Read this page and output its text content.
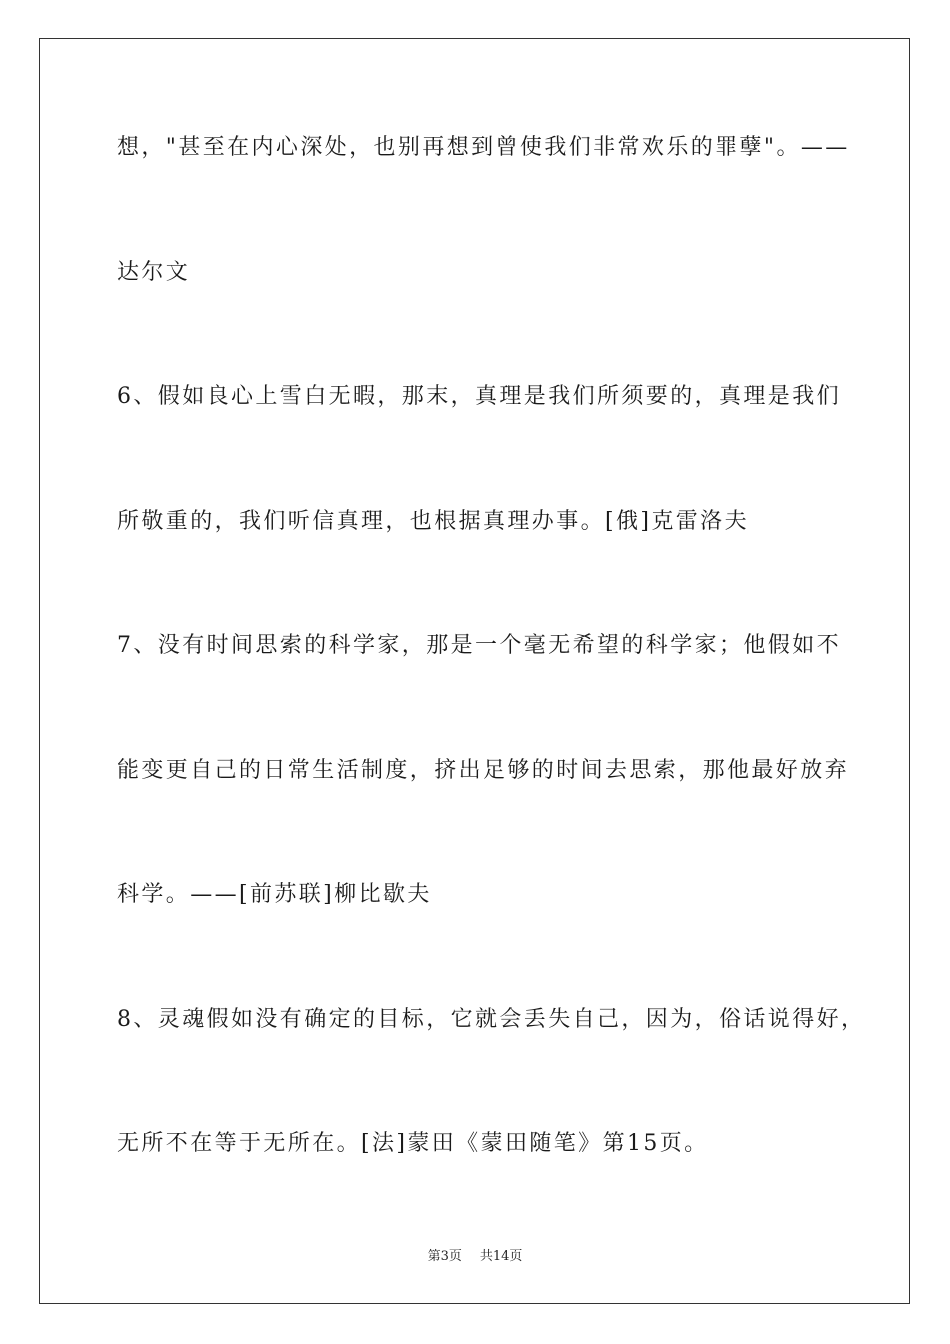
想，"甚至在内心深处，也别再想到曾使我们非常欢乐的罪孽"。——
达尔文
6、假如良心上雪白无暇，那末，真理是我们所须要的，真理是我们
所敬重的，我们听信真理，也根据真理办事。[俄]克雷洛夫
7、没有时间思索的科学家，那是一个毫无希望的科学家；他假如不
能变更自己的日常生活制度，挤出足够的时间去思索，那他最好放弃
科学。——[前苏联]柳比歇夫
8、灵魂假如没有确定的目标，它就会丢失自己，因为，俗话说得好，
无所不在等于无所在。[法]蒙田《蒙田随笔》第15页。
第3页 共14页
